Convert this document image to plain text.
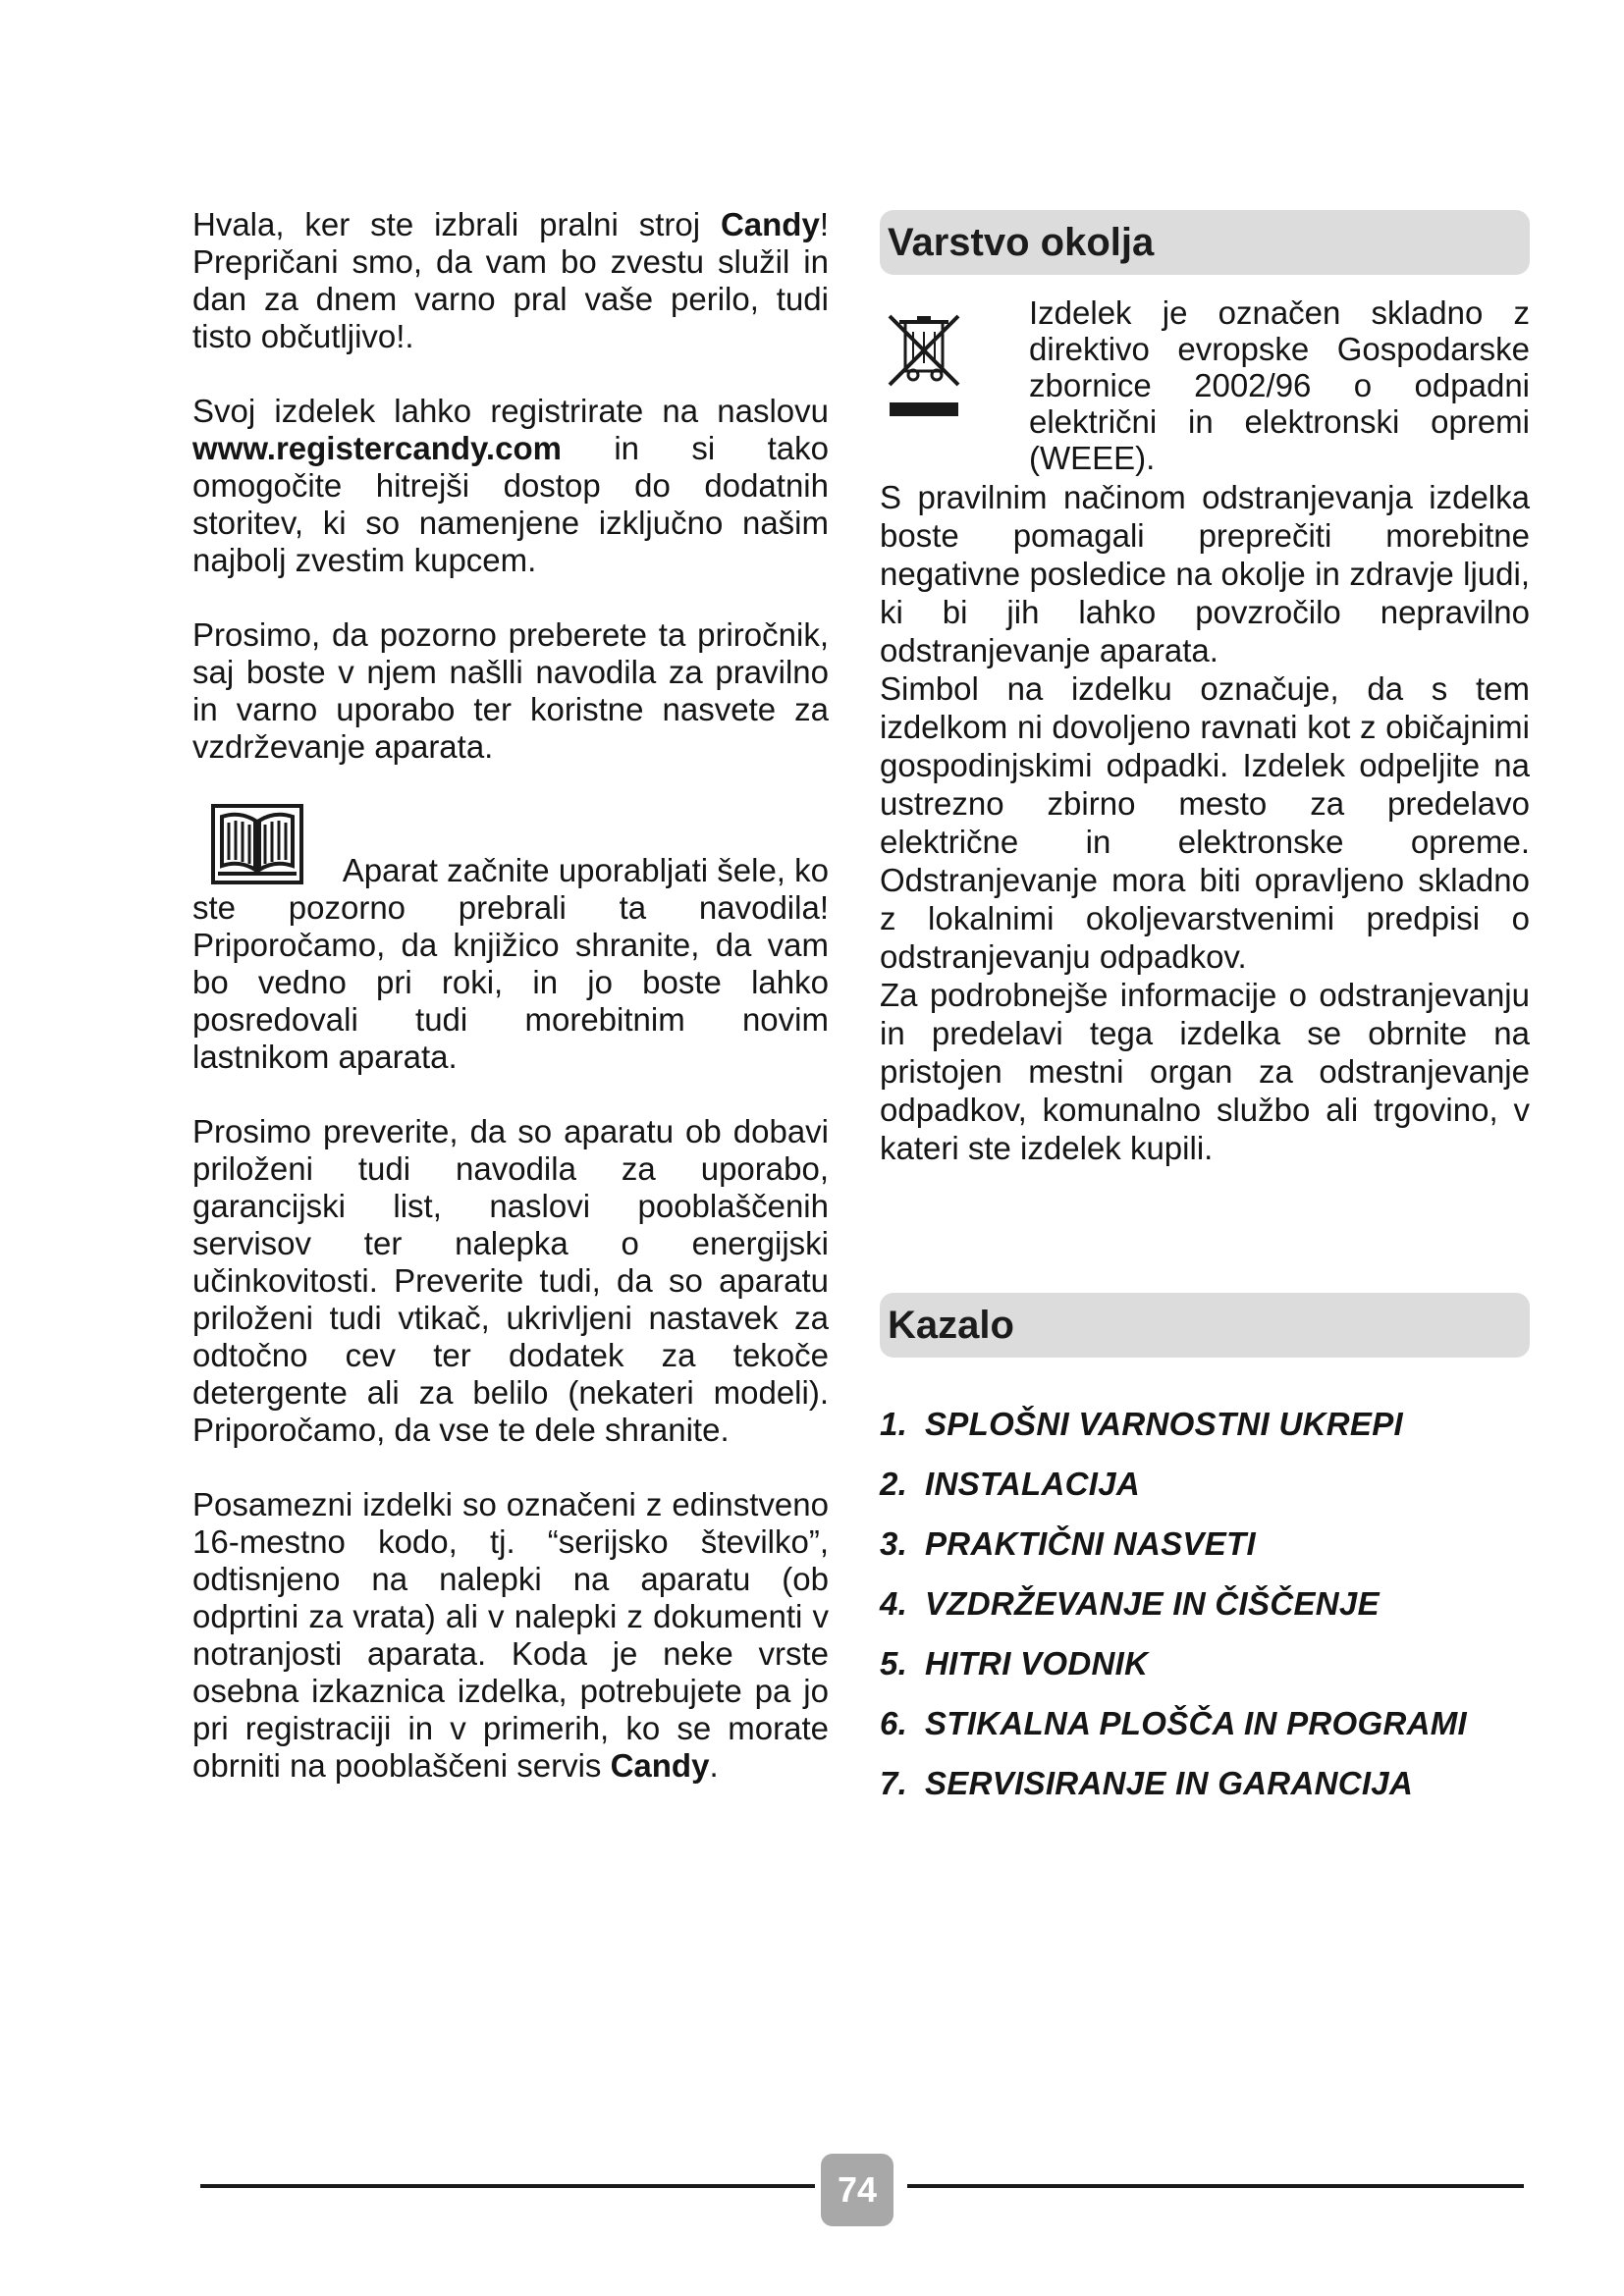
Hvala, ker ste izbrali pralni stroj Candy! Prepričani smo, da vam bo zvestu služil in dan za dnem varno pral vaše perilo, tudi tisto občutljivo!.

Svoj izdelek lahko registrirate na naslovu www.registercandy.com in si tako omogočite hitrejši dostop do dodatnih storitev, ki so namenjene izključno našim najbolj zvestim kupcem.

Prosimo, da pozorno preberete ta priročnik, saj boste v njem našlli navodila za pravilno in varno uporabo ter koristne nasvete za vzdrževanje aparata.

Aparat začnite uporabljati šele, ko

ste pozorno prebrali ta navodila! Priporočamo, da knjižico shranite, da vam bo vedno pri roki, in jo boste lahko posredovali tudi morebitnim novim lastnikom aparata.

Prosimo preverite, da so aparatu ob dobavi priloženi tudi navodila za uporabo, garancijski list, naslovi pooblaščenih servisov ter nalepka o energijski učinkovitosti. Preverite tudi, da so aparatu priloženi tudi vtikač, ukrivljeni nastavek za odtočno cev ter dodatek za tekoče detergente ali za belilo (nekateri modeli). Priporočamo, da vse te dele shranite.

Posamezni izdelki so označeni z edinstveno 16-mestno kodo, tj. “serijsko številko”, odtisnjeno na nalepki na aparatu (ob odprtini za vrata) ali v nalepki z dokumenti v notranjosti aparata. Koda je neke vrste osebna izkaznica izdelka, potrebujete pa jo pri registraciji in v primerih, ko se morate obrniti na pooblaščeni servis Candy.

Varstvo okolja
Izdelek je označen skladno z direktivo evropske Gospodarske zbornice 2002/96 o odpadni električni in elektronski opremi (WEEE).

S pravilnim načinom odstranjevanja izdelka boste pomagali preprečiti morebitne negativne posledice na okolje in zdravje ljudi, ki bi jih lahko povzročilo nepravilno odstranjevanje aparata.

Simbol na izdelku označuje, da s tem izdelkom ni dovoljeno ravnati kot z običajnimi gospodinjskimi odpadki. Izdelek odpeljite na ustrezno zbirno mesto za predelavo električne in elektronske opreme. Odstranjevanje mora biti opravljeno skladno z lokalnimi okoljevarstvenimi predpisi o odstranjevanju odpadkov.

Za podrobnejše informacije o odstranjevanju in predelavi tega izdelka se obrnite na pristojen mestni organ za odstranjevanje odpadkov, komunalno službo ali trgovino, v kateri ste izdelek kupili.

Kazalo
1. SPLOŠNI VARNOSTNI UKREPI
2. INSTALACIJA
3. PRAKTIČNI NASVETI
4. VZDRŽEVANJE IN ČIŠČENJE
5. HITRI VODNIK
6. STIKALNA PLOŠČA IN PROGRAMI
7. SERVISIRANJE IN GARANCIJA
74
